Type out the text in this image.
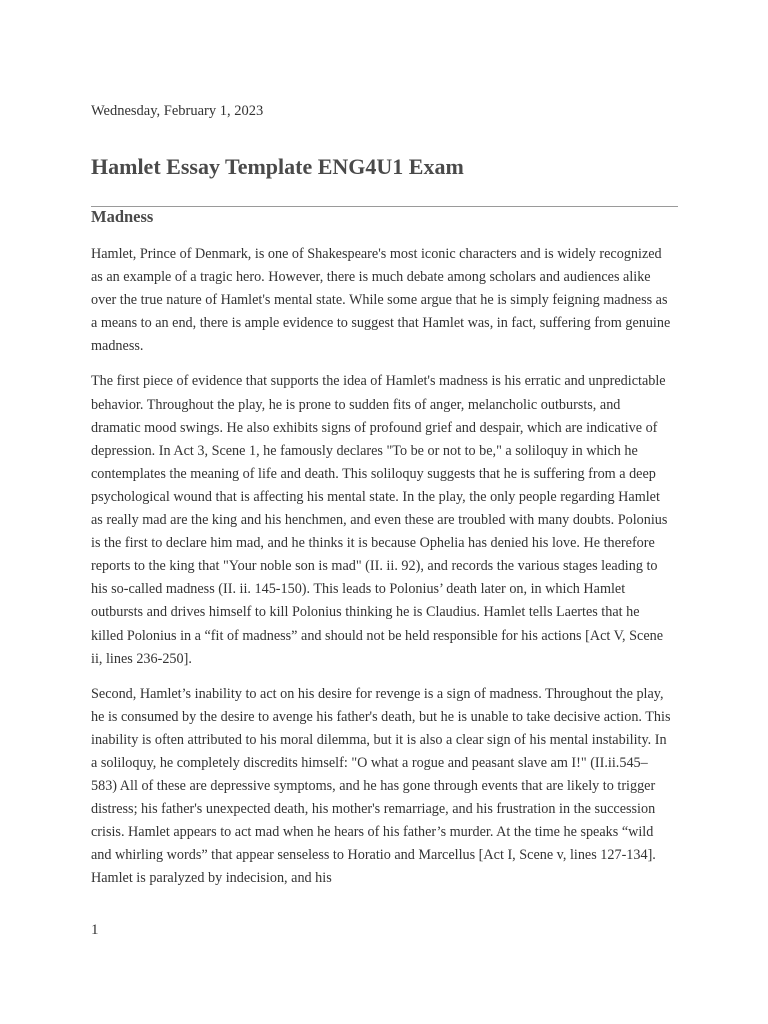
Wednesday, February 1, 2023
Hamlet Essay Template ENG4U1 Exam
Madness

Hamlet, Prince of Denmark, is one of Shakespeare's most iconic characters and is widely recognized as an example of a tragic hero. However, there is much debate among scholars and audiences alike over the true nature of Hamlet's mental state. While some argue that he is simply feigning madness as a means to an end, there is ample evidence to suggest that Hamlet was, in fact, suffering from genuine madness.

The first piece of evidence that supports the idea of Hamlet's madness is his erratic and unpredictable behavior. Throughout the play, he is prone to sudden fits of anger, melancholic outbursts, and dramatic mood swings. He also exhibits signs of profound grief and despair, which are indicative of depression. In Act 3, Scene 1, he famously declares "To be or not to be," a soliloquy in which he contemplates the meaning of life and death. This soliloquy suggests that he is suffering from a deep psychological wound that is affecting his mental state. In the play, the only people regarding Hamlet as really mad are the king and his henchmen, and even these are troubled with many doubts. Polonius is the first to declare him mad, and he thinks it is because Ophelia has denied his love. He therefore reports to the king that "Your noble son is mad" (II. ii. 92), and records the various stages leading to his so-called madness (II. ii. 145-150). This leads to Polonius’ death later on, in which Hamlet outbursts and drives himself to kill Polonius thinking he is Claudius. Hamlet tells Laertes that he killed Polonius in a “fit of madness” and should not be held responsible for his actions [Act V, Scene ii, lines 236-250].

Second, Hamlet’s inability to act on his desire for revenge is a sign of madness. Throughout the play, he is consumed by the desire to avenge his father's death, but he is unable to take decisive action. This inability is often attributed to his moral dilemma, but it is also a clear sign of his mental instability. In a soliloquy, he completely discredits himself: "O what a rogue and peasant slave am I!" (II.ii.545–583) All of these are depressive symptoms, and he has gone through events that are likely to trigger distress; his father's unexpected death, his mother's remarriage, and his frustration in the succession crisis. Hamlet appears to act mad when he hears of his father’s murder. At the time he speaks “wild and whirling words” that appear senseless to Horatio and Marcellus [Act I, Scene v, lines 127-134]. Hamlet is paralyzed by indecision, and his

1
